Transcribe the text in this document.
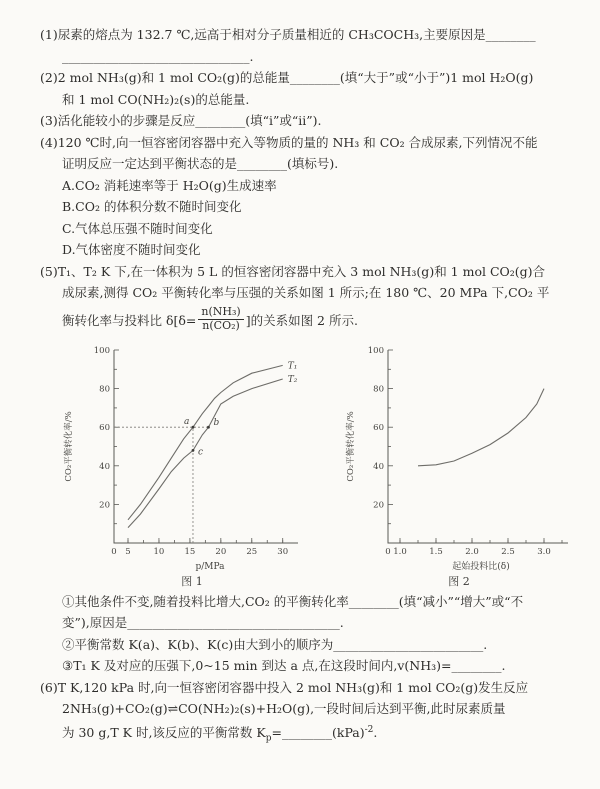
(1)尿素的熔点为 132.7 ℃,远高于相对分子质量相近的 CH₃COCH₃,主要原因是________
______________________________.
(2)2 mol NH₃(g)和 1 mol CO₂(g)的总能量________(填“大于”或“小于”)1 mol H₂O(g)
和 1 mol CO(NH₂)₂(s)的总能量.
(3)活化能较小的步骤是反应________(填“ⅰ”或“ⅱ”).
(4)120 ℃时,向一恒容密闭容器中充入等物质的量的 NH₃ 和 CO₂ 合成尿素,下列情况不能
证明反应一定达到平衡状态的是________(填标号).
A.CO₂ 消耗速率等于 H₂O(g)生成速率
B.CO₂ 的体积分数不随时间变化
C.气体总压强不随时间变化
D.气体密度不随时间变化
(5)T₁、T₂ K 下,在一体积为 5 L 的恒容密闭容器中充入 3 mol NH₃(g)和 1 mol CO₂(g)合
成尿素,测得 CO₂ 平衡转化率与压强的关系如图 1 所示;在 180 ℃、20 MPa 下,CO₂ 平
衡转化率与投料比 $\delta[\delta= \frac{\text{n(NH₃)}}{\text{n(CO₂)}}$ ]的关系如图 2 所示.
20
40
60
80
100
5	10 15 20 25 30
0
T₁
T₂
a	b
c
p/MPa
CO₂平衡转化率/%
图 1
20
40
60
80
100
1.0	1.5	2.0	2.5	3.0
0
起始投料比(δ)
CO₂平衡转化率/%
图 2
①其他条件不变,随着投料比增大,CO₂ 的平衡转化率________(填“减小”“增大”或“不
变”),原因是__________________________________.
②平衡常数 K(a)、K(b)、K(c)由大到小的顺序为________________________.
③T₁ K 及对应的压强下,0~15 min 到达 a 点,在这段时间内,v(NH₃)=________.
(6)T K,120 kPa 时,向一恒容密闭容器中投入 2 mol NH₃(g)和 1 mol CO₂(g)发生反应
2NH₃(g)+CO₂(g)⇌CO(NH₂)₂(s)+H₂O(g),一段时间后达到平衡,此时尿素质量
为 30 g,T K 时,该反应的平衡常数 $K_p=\_\_\_\_\_\_\_\_(kPa)^{-2}$.
